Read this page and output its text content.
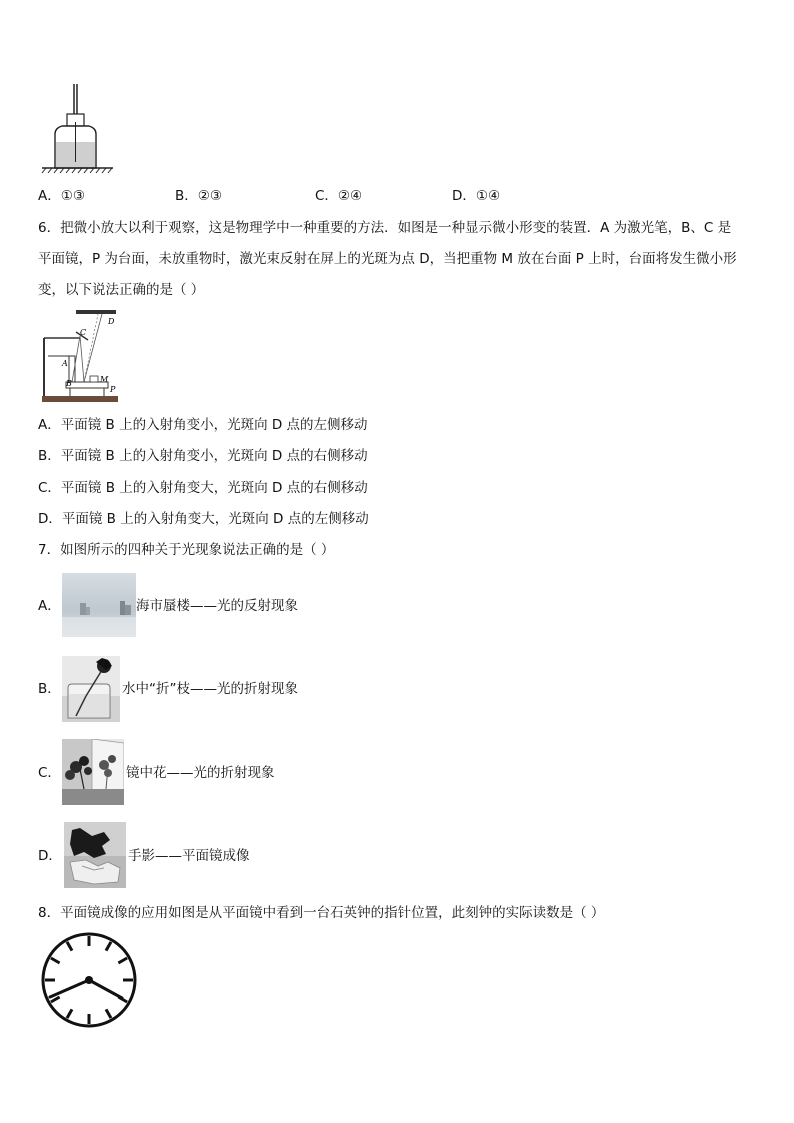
A．①③	B．②③	C．②④	D．①④
6．把微小放大以利于观察，这是物理学中一种重要的方法．如图是一种显示微小形变的装置．A 为激光笔，B、C 是
平面镜，P 为台面，未放重物时，激光束反射在屏上的光斑为点 D，当把重物 M 放在台面 P 上时，台面将发生微小形
变，以下说法正确的是（ ）
D
C
A
B	M
P
A．平面镜 B 上的入射角变小，光斑向 D 点的左侧移动
B．平面镜 B 上的入射角变小，光斑向 D 点的右侧移动
C．平面镜 B 上的入射角变大，光斑向 D 点的右侧移动
D．平面镜 B 上的入射角变大，光斑向 D 点的左侧移动
7．如图所示的四种关于光现象说法正确的是（ ）
A．	海市蜃楼——光的反射现象
B．	水中“折”枝——光的折射现象
C．	镜中花——光的折射现象
D．	手影——平面镜成像
8．平面镜成像的应用如图是从平面镜中看到一台石英钟的指针位置，此刻钟的实际读数是（ ）
